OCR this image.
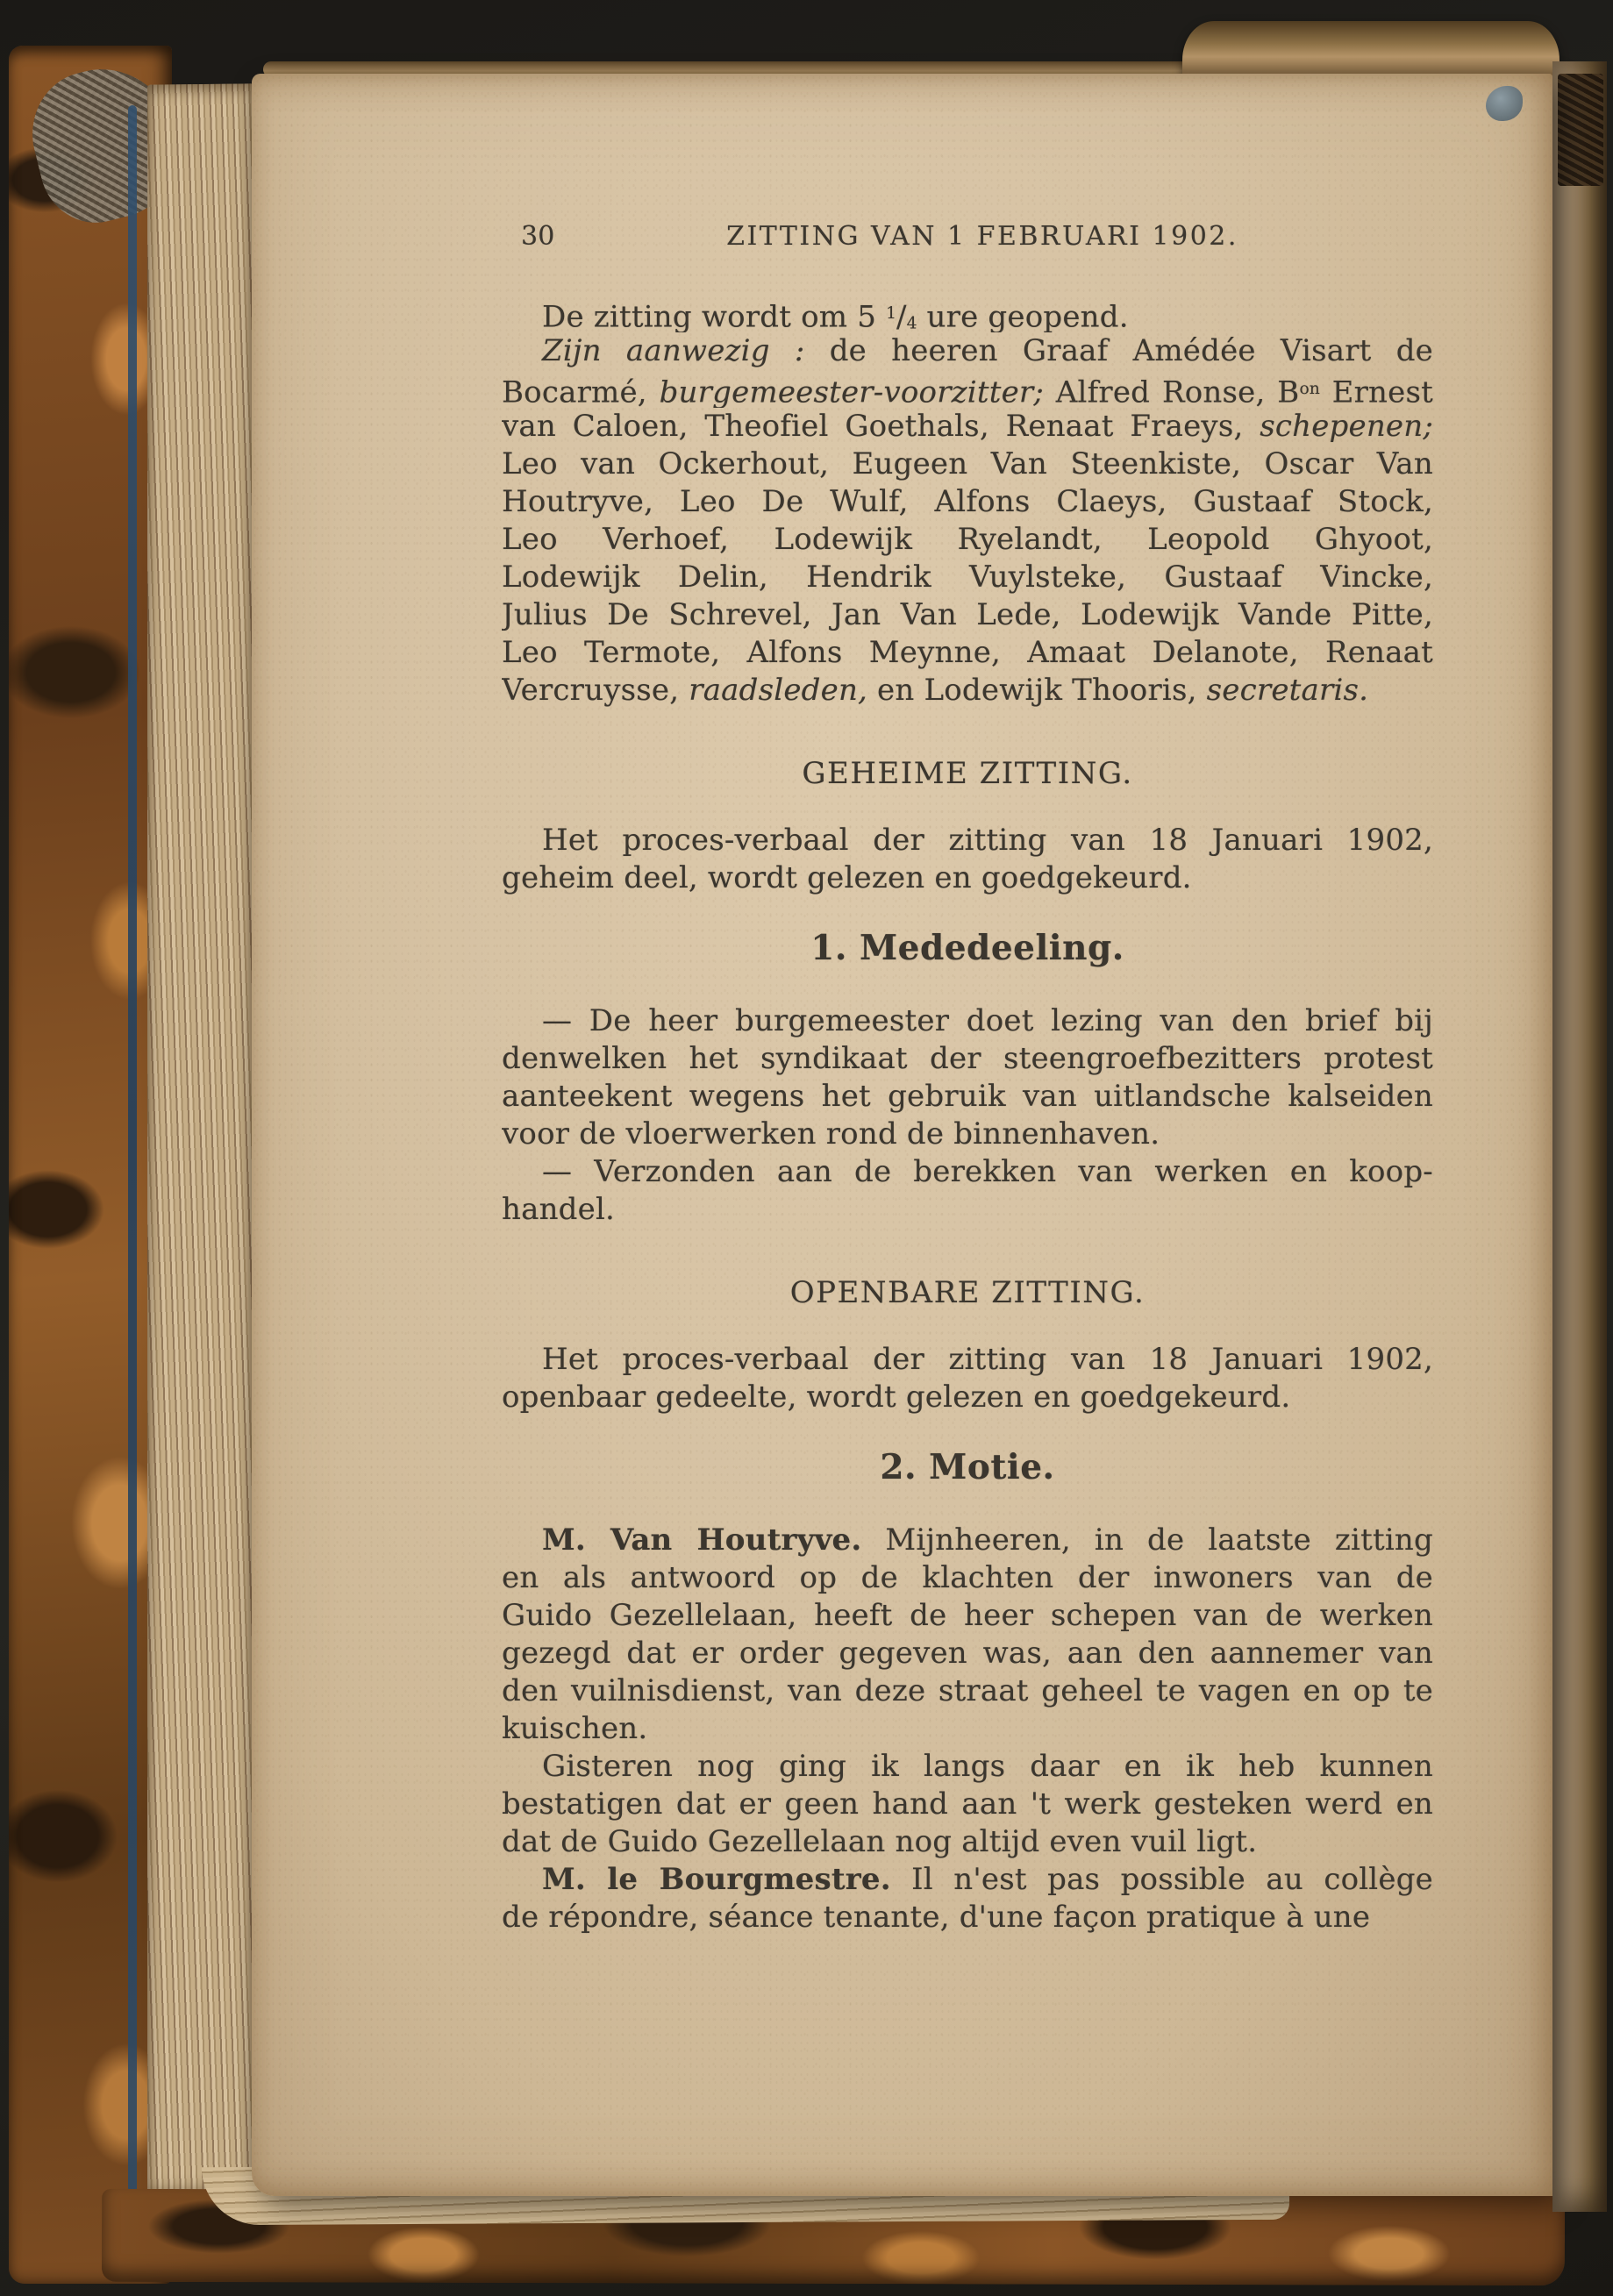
30	ZITTING VAN 1 FEBRUARI 1902.
De zitting wordt om 5 $^1$/4 ure geopend.
Zijn aanwezig : de heeren Graaf Amédée Visart de
Bocarmé, burgemeester-voorzitter; Alfred Ronse, $B^{on}$ Ernest
van Caloen, Theofiel Goethals, Renaat Fraeys, schepenen;
Leo van Ockerhout, Eugeen Van Steenkiste, Oscar Van
Houtryve, Leo De Wulf, Alfons Claeys, Gustaaf Stock,
Leo Verhoef, Lodewijk Ryelandt, Leopold Ghyoot,
Lodewijk Delin, Hendrik Vuylsteke, Gustaaf Vincke,
Julius De Schrevel, Jan Van Lede, Lodewijk Vande Pitte,
Leo Termote, Alfons Meynne, Amaat Delanote, Renaat
Vercruysse, raadsleden, en Lodewijk Thooris, secretaris.
GEHEIME ZITTING.
Het proces-verbaal der zitting van 18 Januari 1902,
geheim deel, wordt gelezen en goedgekeurd.
1. Mededeeling.
— De heer burgemeester doet lezing van den brief bij
denwelken het syndikaat der steengroefbezitters protest
aanteekent wegens het gebruik van uitlandsche kalseiden
voor de vloerwerken rond de binnenhaven.
— Verzonden aan de berekken van werken en koop-
handel.
OPENBARE ZITTING.
Het proces-verbaal der zitting van 18 Januari 1902,
openbaar gedeelte, wordt gelezen en goedgekeurd.
2. Motie.
M. Van Houtryve. Mijnheeren, in de laatste zitting
en als antwoord op de klachten der inwoners van de
Guido Gezellelaan, heeft de heer schepen van de werken
gezegd dat er order gegeven was, aan den aannemer van
den vuilnisdienst, van deze straat geheel te vagen en op te
kuischen.
Gisteren nog ging ik langs daar en ik heb kunnen
bestatigen dat er geen hand aan 't werk gesteken werd en
dat de Guido Gezellelaan nog altijd even vuil ligt.
M. le Bourgmestre. Il n'est pas possible au collège
de répondre, séance tenante, d'une façon pratique à une
